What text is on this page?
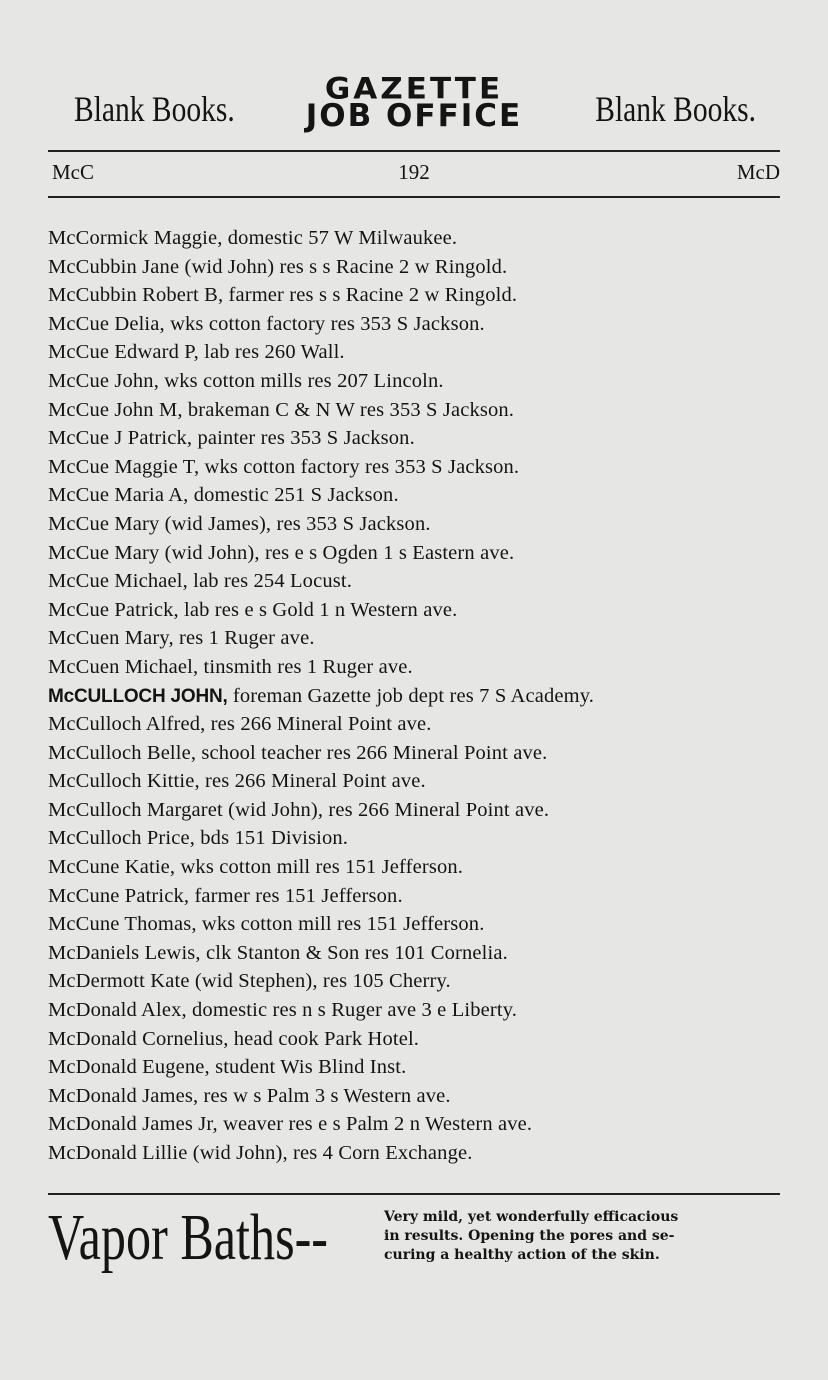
Blank Books.	GAZETTE
JOB OFFICE	Blank Books.
McC	192	McD
McCormick Maggie, domestic 57 W Milwaukee.
McCubbin Jane (wid John) res s s Racine 2 w Ringold.
McCubbin Robert B, farmer res s s Racine 2 w Ringold.
McCue Delia, wks cotton factory res 353 S Jackson.
McCue Edward P, lab res 260 Wall.
McCue John, wks cotton mills res 207 Lincoln.
McCue John M, brakeman C & N W res 353 S Jackson.
McCue J Patrick, painter res 353 S Jackson.
McCue Maggie T, wks cotton factory res 353 S Jackson.
McCue Maria A, domestic 251 S Jackson.
McCue Mary (wid James), res 353 S Jackson.
McCue Mary (wid John), res e s Ogden 1 s Eastern ave.
McCue Michael, lab res 254 Locust.
McCue Patrick, lab res e s Gold 1 n Western ave.
McCuen Mary, res 1 Ruger ave.
McCuen Michael, tinsmith res 1 Ruger ave.
McCULLOCH JOHN, foreman Gazette job dept res 7 S Academy.
McCulloch Alfred, res 266 Mineral Point ave.
McCulloch Belle, school teacher res 266 Mineral Point ave.
McCulloch Kittie, res 266 Mineral Point ave.
McCulloch Margaret (wid John), res 266 Mineral Point ave.
McCulloch Price, bds 151 Division.
McCune Katie, wks cotton mill res 151 Jefferson.
McCune Patrick, farmer res 151 Jefferson.
McCune Thomas, wks cotton mill res 151 Jefferson.
McDaniels Lewis, clk Stanton & Son res 101 Cornelia.
McDermott Kate (wid Stephen), res 105 Cherry.
McDonald Alex, domestic res n s Ruger ave 3 e Liberty.
McDonald Cornelius, head cook Park Hotel.
McDonald Eugene, student Wis Blind Inst.
McDonald James, res w s Palm 3 s Western ave.
McDonald James Jr, weaver res e s Palm 2 n Western ave.
McDonald Lillie (wid John), res 4 Corn Exchange.
Vapor Baths--	Very mild, yet wonderfully efficacious
in results. Opening the pores and se-
curing a healthy action of the skin.
